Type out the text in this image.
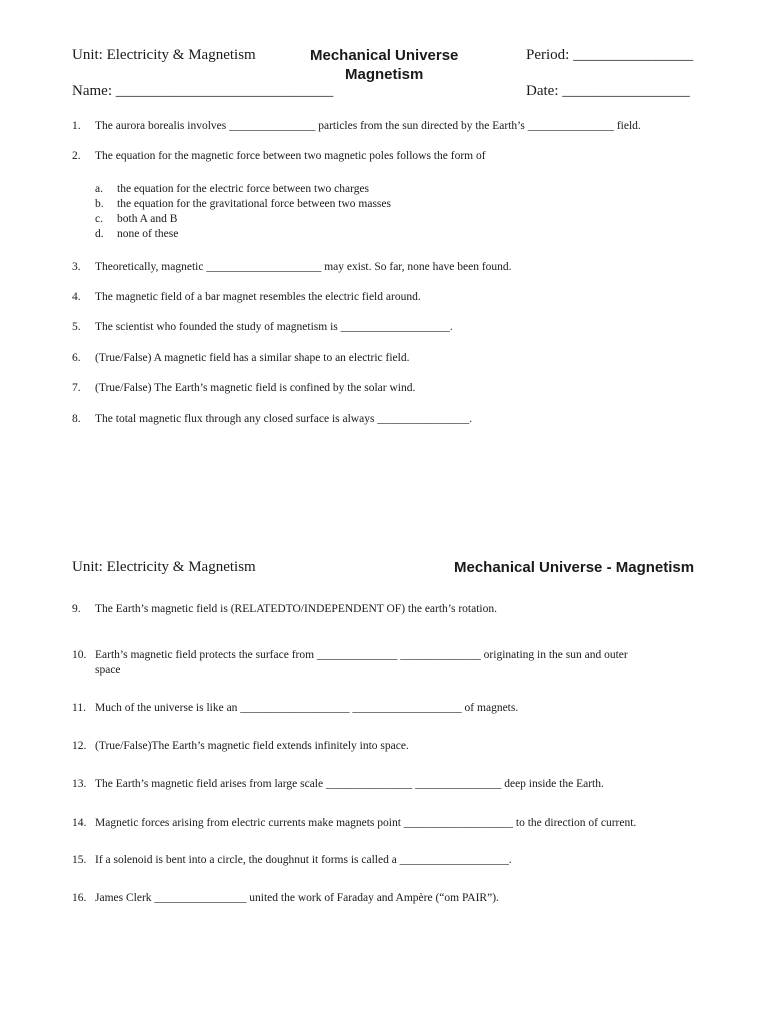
Unit: Electricity & Magnetism	Mechanical Universe
Magnetism
Period: ________________
Name: _____________________________	Date: _________________
1. The aurora borealis involves _______________ particles from the sun directed by the Earth’s _______________ field.
2. The equation for the magnetic force between two magnetic poles follows the form of
a. the equation for the electric force between two charges
b. the equation for the gravitational force between two masses
c. both A and B
d. none of these
3. Theoretically, magnetic ____________________ may exist. So far, none have been found.
4. The magnetic field of a bar magnet resembles the electric field around.
5. The scientist who founded the study of magnetism is ___________________.
6. (True/False) A magnetic field has a similar shape to an electric field.
7. (True/False) The Earth’s magnetic field is confined by the solar wind.
8. The total magnetic flux through any closed surface is always ________________.
Unit: Electricity & Magnetism	Mechanical Universe - Magnetism
9. The Earth’s magnetic field is (RELATEDTO/INDEPENDENT OF) the earth’s rotation.
10. Earth’s magnetic field protects the surface from ______________ ______________ originating in the sun and outer
space
11. Much of the universe is like an ___________________ ___________________ of magnets.
12. (True/False)The Earth’s magnetic field extends infinitely into space.
13. The Earth’s magnetic field arises from large scale _______________ _______________ deep inside the Earth.
14. Magnetic forces arising from electric currents make magnets point ___________________ to the direction of current.
15. If a solenoid is bent into a circle, the doughnut it forms is called a ___________________.
16. James Clerk ________________ united the work of Faraday and Ampère (“om PAIR”).
